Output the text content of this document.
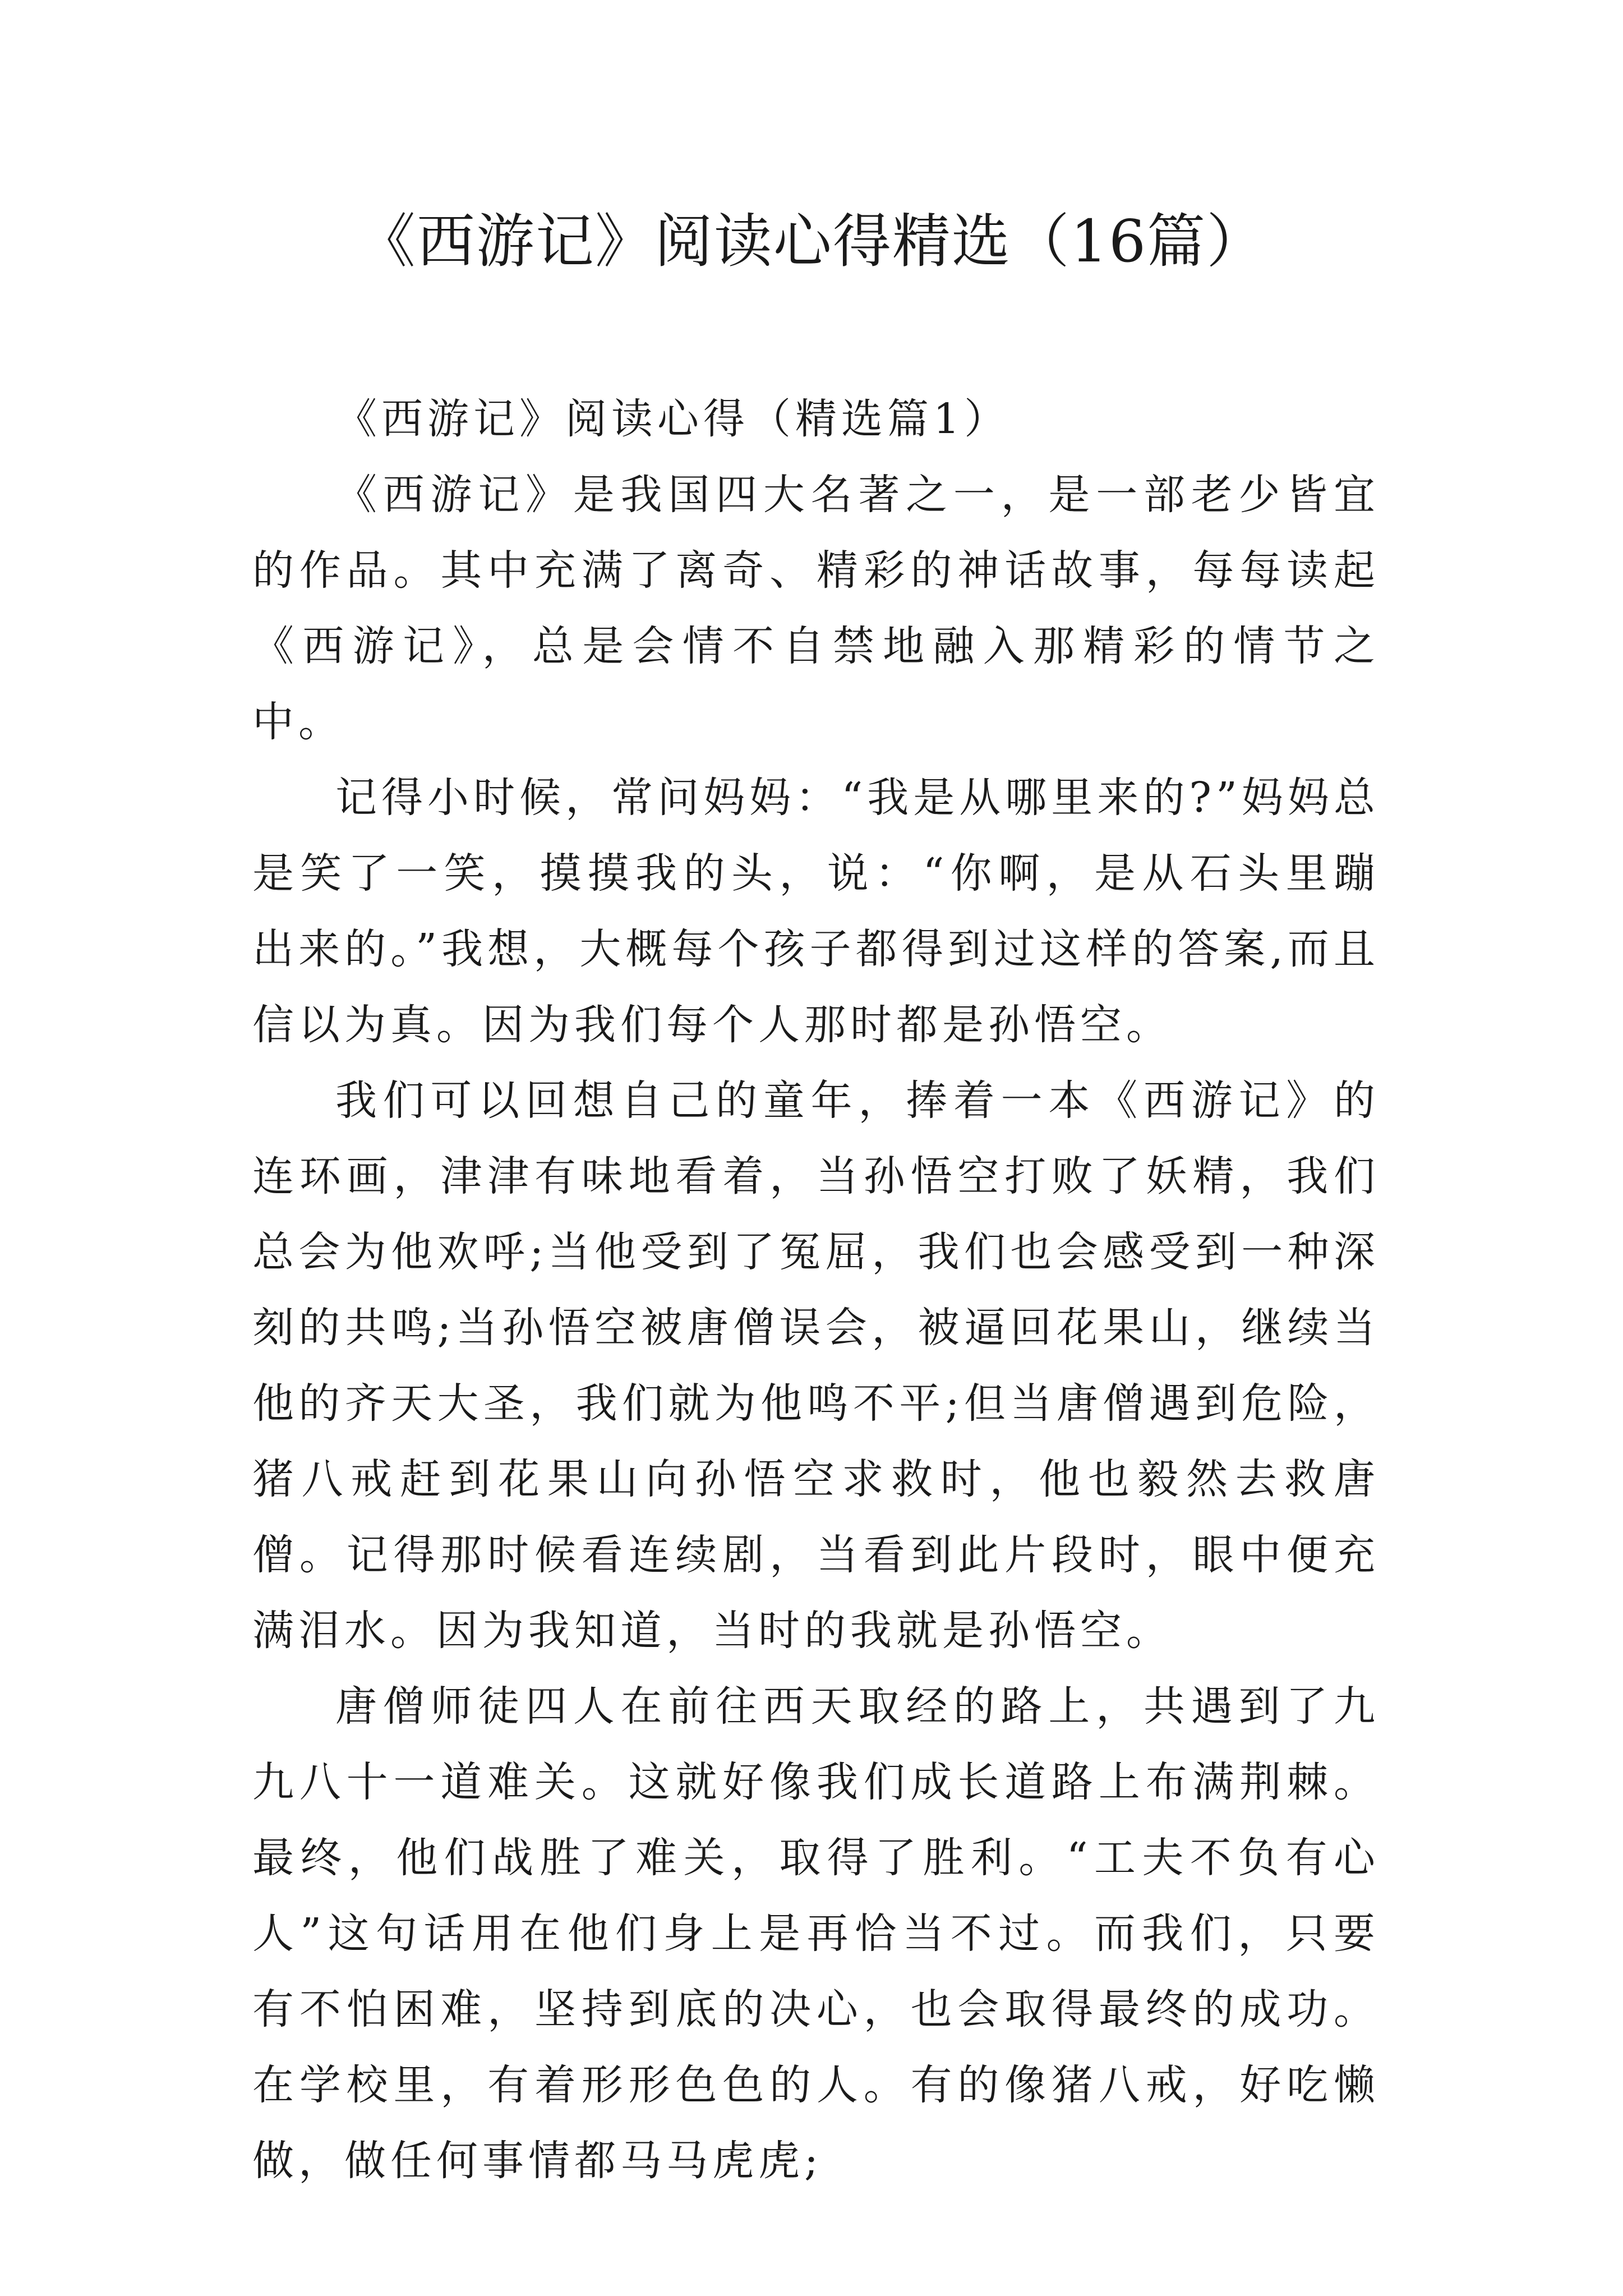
《西游记》阅读心得精选（16篇）

《西游记》阅读心得（精选篇1）

《西游记》是我国四大名著之一，是一部老少皆宜的作品。其中充满了离奇、精彩的神话故事，每每读起《西游记》，总是会情不自禁地融入那精彩的情节之中。

记得小时候，常问妈妈：“我是从哪里来的?”妈妈总是笑了一笑，摸摸我的头，说：“你啊，是从石头里蹦出来的。”我想，大概每个孩子都得到过这样的答案,而且信以为真。因为我们每个人那时都是孙悟空。

我们可以回想自己的童年，捧着一本《西游记》的连环画，津津有味地看着，当孙悟空打败了妖精，我们总会为他欢呼;当他受到了冤屈，我们也会感受到一种深刻的共鸣;当孙悟空被唐僧误会，被逼回花果山，继续当他的齐天大圣，我们就为他鸣不平;但当唐僧遇到危险，猪八戒赶到花果山向孙悟空求救时，他也毅然去救唐僧。记得那时候看连续剧，当看到此片段时，眼中便充满泪水。因为我知道，当时的我就是孙悟空。

唐僧师徒四人在前往西天取经的路上，共遇到了九九八十一道难关。这就好像我们成长道路上布满荆棘。最终，他们战胜了难关，取得了胜利。“工夫不负有心人”这句话用在他们身上是再恰当不过。而我们，只要有不怕困难，坚持到底的决心，也会取得最终的成功。在学校里，有着形形色色的人。有的像猪八戒，好吃懒做，做任何事情都马马虎虎;
